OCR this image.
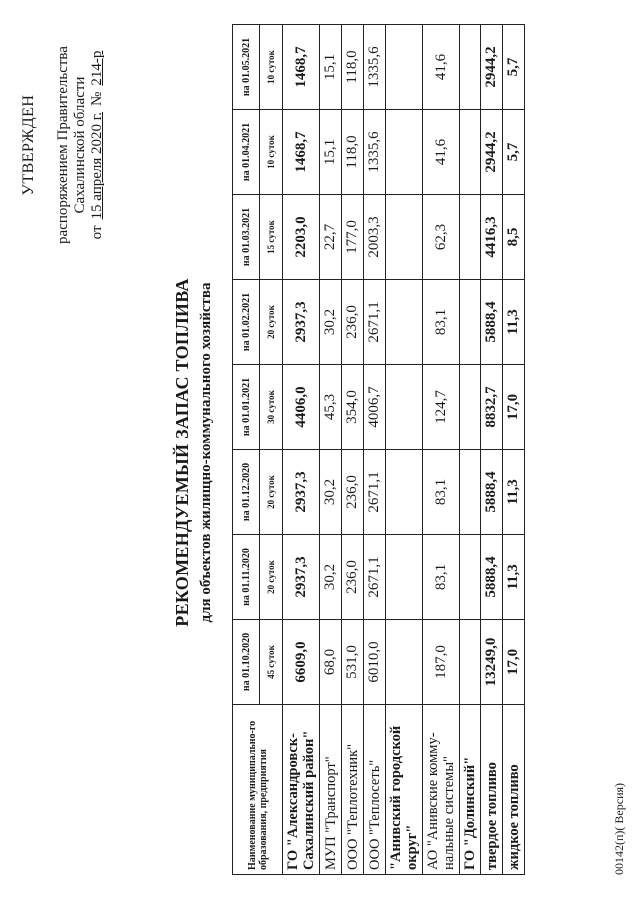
УТВЕРЖДЕН распоряжением Правительства Сахалинской области
от
15 апреля 2020 г.
№
214-р
РЕКОМЕНДУЕМЫЙ ЗАПАС ТОПЛИВА для объектов жилищно-коммунального хозяйства
Наименование муниципально-го образования, предприятия	на 01.10.2020	на 01.11.2020	на 01.12.2020	на 01.01.2021	на 01.02.2021	на 01.03.2021	на 01.04.2021	на 01.05.2021
	45 суток	20 суток	20 суток	30 суток	20 суток	15 суток	10 суток	10 суток
ГО "Александровск-Сахалинский район"	6609,0	2937,3	2937,3	4406,0	2937,3	2203,0	1468,7	1468,7
МУП "Транспорт"	68,0	30,2	30,2	45,3	30,2	22,7	15,1	15,1
ООО "Теплотехник"	531,0	236,0	236,0	354,0	236,0	177,0	118,0	118,0
ООО "Теплосеть"	6010,0	2671,1	2671,1	4006,7	2671,1	2003,3	1335,6	1335,6
"Анивский городской округ"								
АО "Анивские комму-нальные системы"	187,0	83,1	83,1	124,7	83,1	62,3	41,6	41,6
ГО "Долинский"								
твердое топливо	13249,0	5888,4	5888,4	8832,7	5888,4	4416,3	2944,2	2944,2
жидкое топливо	17,0	11,3	11,3	17,0	11,3	8,5	5,7	5,7
00142(п)( Версия)
